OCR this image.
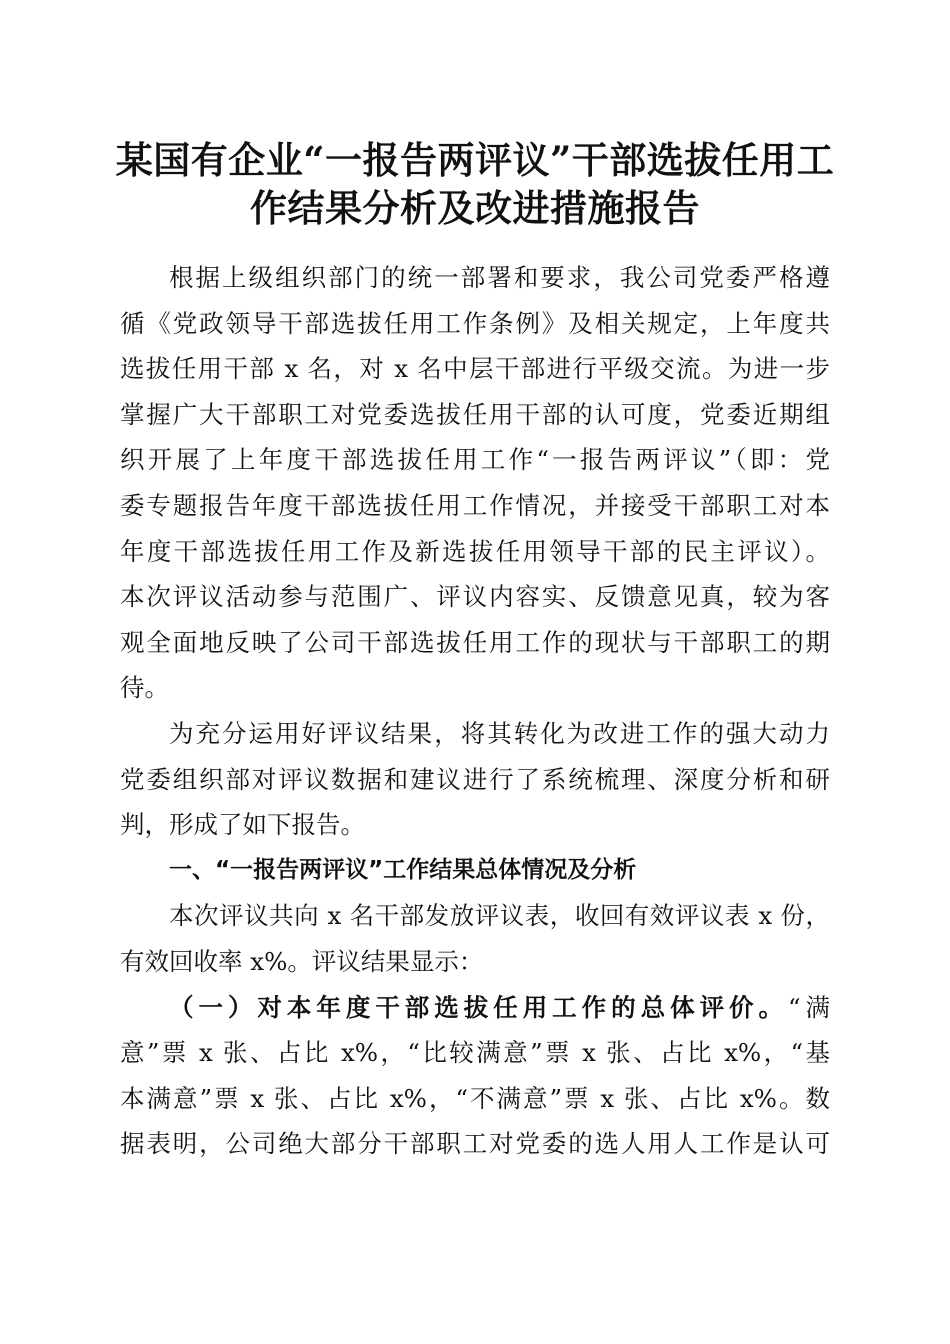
某国有企业“一报告两评议”干部选拔任用工
作结果分析及改进措施报告
根据上级组织部门的统一部署和要求，我公司党委严格遵
循《党政领导干部选拔任用工作条例》及相关规定，上年度共
选拔任用干部 x 名，对 x 名中层干部进行平级交流。为进一步
掌握广大干部职工对党委选拔任用干部的认可度，党委近期组
织开展了上年度干部选拔任用工作“一报告两评议”（即：党
委专题报告年度干部选拔任用工作情况，并接受干部职工对本
年度干部选拔任用工作及新选拔任用领导干部的民主评议）。
本次评议活动参与范围广、评议内容实、反馈意见真，较为客
观全面地反映了公司干部选拔任用工作的现状与干部职工的期
待。
为充分运用好评议结果，将其转化为改进工作的强大动力
党委组织部对评议数据和建议进行了系统梳理、深度分析和研
判，形成了如下报告。
一、“一报告两评议”工作结果总体情况及分析
本次评议共向 x 名干部发放评议表，收回有效评议表 x 份，
有效回收率 x%。评议结果显示：
（一）对本年度干部选拔任用工作的总体评价。“满
意”票 x 张、占比 x%，“比较满意”票 x 张、占比 x%，“基
本满意”票 x 张、占比 x%，“不满意”票 x 张、占比 x%。数
据表明，公司绝大部分干部职工对党委的选人用人工作是认可
